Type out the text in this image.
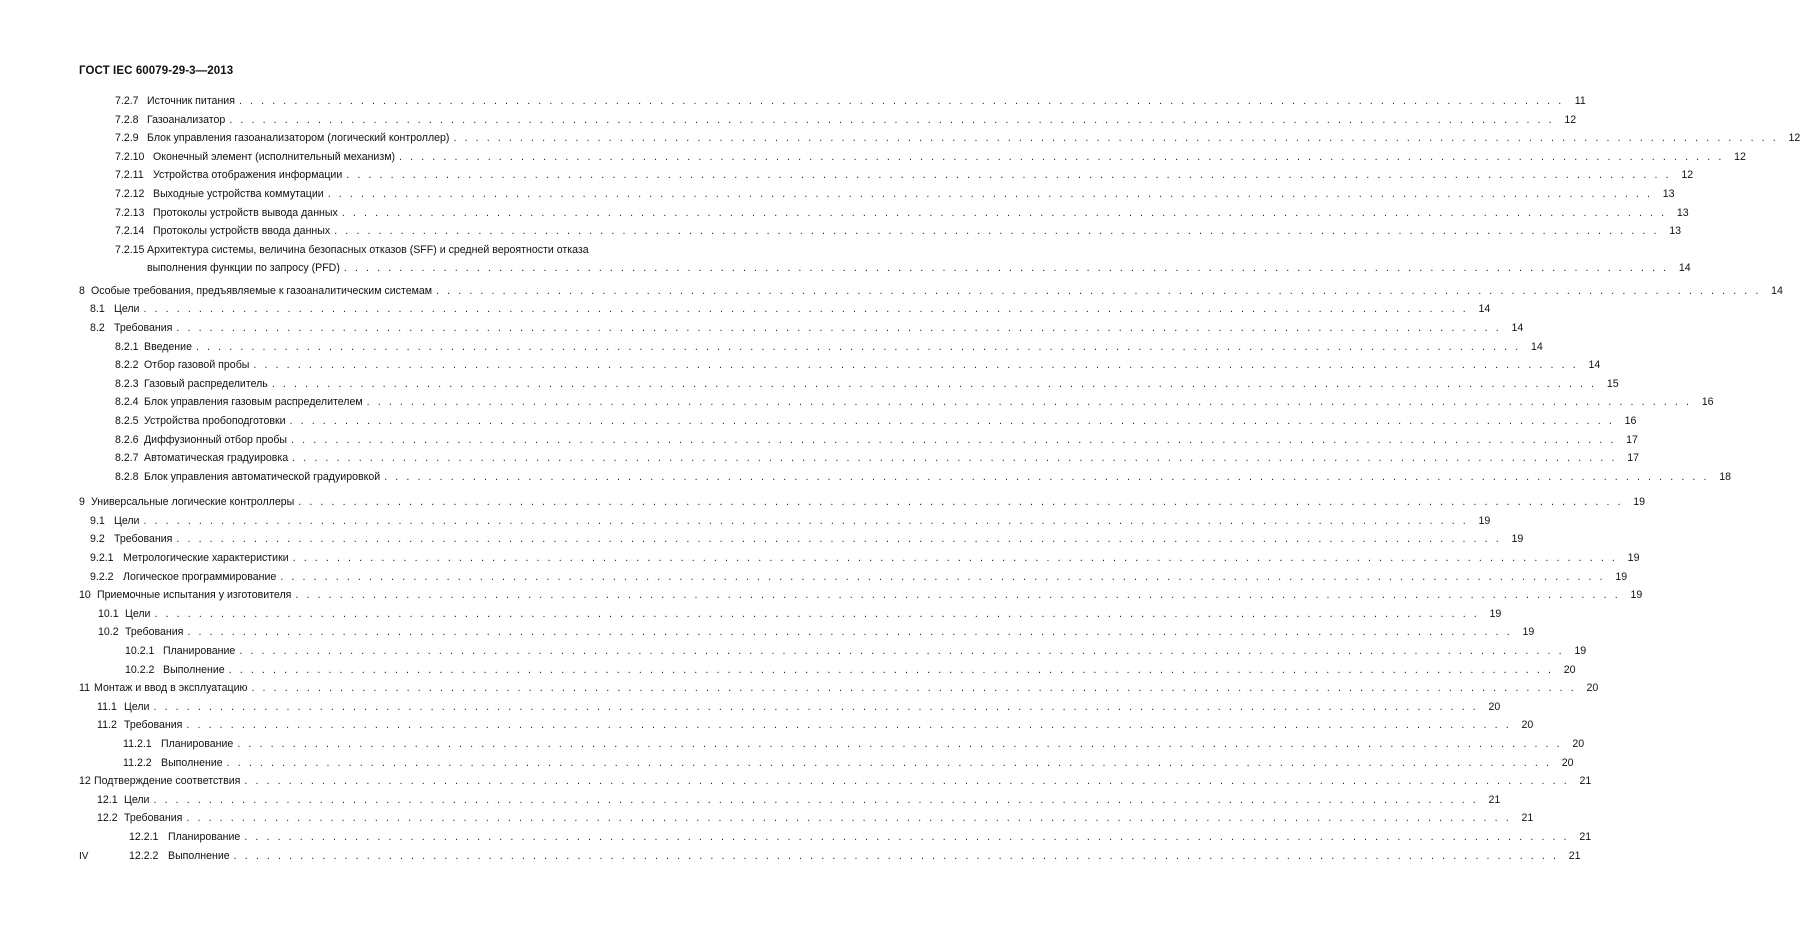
ГОСТ IEC 60079-29-3—2013
7.2.7 Источник питания . . . . . . . . . . . . . . . . . . . . . . . . . . . . . . . . . . . . . . . . . . . . . . . . . . . . . . . . . . . . . . . . . . . . . . . . . . . . . . . . . . . . . . . . . . . . . . . . . . . . . . . . . . . . . . . . . . . . . . . .	11
7.2.8 Газоанализатор . . . . . . . . . . . . . . . . . . . . . . . . . . . . . . . . . . . . . . . . . . . . . . . . . . . . . . . . . . . . . . . . . . . . . . . . . . . . . . . . . . . . . . . . . . . . . . . . . . . . . . . . . . . . . . . . . . . . . . . . 12
7.2.9 Блок управления газоанализатором (логический контроллер) . . . . . . . . . . . . . . . . . . . . . . . . . . . . . . . . . . . . . . . . . . . . . . . . . . . . . . . . . . . . . . . . . . . . . . . . . . . . . . . . . . . . . . . . . . . . . . . . . . . . . . . . . . . . . . . . . . . . . . . . 12
7.2.10 Оконечный элемент (исполнительный механизм) . . . . . . . . . . . . . . . . . . . . . . . . . . . . . . . . . . . . . . . . . . . . . . . . . . . . . . . . . . . . . . . . . . . . . . . . . . . . . . . . . . . . . . . . . . . . . . . . . . . . . . . . . . . . . . . . . . . . . . . . 12
7.2.11 Устройства отображения информации . . . . . . . . . . . . . . . . . . . . . . . . . . . . . . . . . . . . . . . . . . . . . . . . . . . . . . . . . . . . . . . . . . . . . . . . . . . . . . . . . . . . . . . . . . . . . . . . . . . . . . . . . . . . . . . . . . . . . . . . 12
7.2.12 Выходные устройства коммутации . . . . . . . . . . . . . . . . . . . . . . . . . . . . . . . . . . . . . . . . . . . . . . . . . . . . . . . . . . . . . . . . . . . . . . . . . . . . . . . . . . . . . . . . . . . . . . . . . . . . . . . . . . . . . . . . . . . . . . . . 13
7.2.13 Протоколы устройств вывода данных . . . . . . . . . . . . . . . . . . . . . . . . . . . . . . . . . . . . . . . . . . . . . . . . . . . . . . . . . . . . . . . . . . . . . . . . . . . . . . . . . . . . . . . . . . . . . . . . . . . . . . . . . . . . . . . . . . . . . . . . 13
7.2.14 Протоколы устройств ввода данных . . . . . . . . . . . . . . . . . . . . . . . . . . . . . . . . . . . . . . . . . . . . . . . . . . . . . . . . . . . . . . . . . . . . . . . . . . . . . . . . . . . . . . . . . . . . . . . . . . . . . . . . . . . . . . . . . . . . . . . . 13
7.2.15 Архитектура системы, величина безопасных отказов (SFF) и средней вероятности отказа
выполнения функции по запросу (PFD) . . . . . . . . . . . . . . . . . . . . . . . . . . . . . . . . . . . . . . . . . . . . . . . . . . . . . . . . . . . . . . . . . . . . . . . . . . . . . . . . . . . . . . . . . . . . . . . . . . . . . . . . . . . . . . . . . . . . . . . . 14
8 Особые требования, предъявляемые к газоаналитическим системам . . . . . . . . . . . . . . . . . . . . . . . . . . . . . . . . . . . . . . . . . . . . . . . . . . . . . . . . . . . . . . . . . . . . . . . . . . . . . . . . . . . . . . . . . . . . . . . . . . . . . . . . . . . . . . . . . . . . . . . . 14
8.1 Цели . . . . . . . . . . . . . . . . . . . . . . . . . . . . . . . . . . . . . . . . . . . . . . . . . . . . . . . . . . . . . . . . . . . . . . . . . . . . . . . . . . . . . . . . . . . . . . . . . . . . . . . . . . . . . . . . . . . . . . . . 14
8.2 Требования . . . . . . . . . . . . . . . . . . . . . . . . . . . . . . . . . . . . . . . . . . . . . . . . . . . . . . . . . . . . . . . . . . . . . . . . . . . . . . . . . . . . . . . . . . . . . . . . . . . . . . . . . . . . . . . . . . . . . . . . 14
8.2.1 Введение . . . . . . . . . . . . . . . . . . . . . . . . . . . . . . . . . . . . . . . . . . . . . . . . . . . . . . . . . . . . . . . . . . . . . . . . . . . . . . . . . . . . . . . . . . . . . . . . . . . . . . . . . . . . . . . . . . . . . . . . 14
8.2.2 Отбор газовой пробы . . . . . . . . . . . . . . . . . . . . . . . . . . . . . . . . . . . . . . . . . . . . . . . . . . . . . . . . . . . . . . . . . . . . . . . . . . . . . . . . . . . . . . . . . . . . . . . . . . . . . . . . . . . . . . . . . . . . . . . . 14
8.2.3 Газовый распределитель . . . . . . . . . . . . . . . . . . . . . . . . . . . . . . . . . . . . . . . . . . . . . . . . . . . . . . . . . . . . . . . . . . . . . . . . . . . . . . . . . . . . . . . . . . . . . . . . . . . . . . . . . . . . . . . . . . . . . . . . 15
8.2.4 Блок управления газовым распределителем . . . . . . . . . . . . . . . . . . . . . . . . . . . . . . . . . . . . . . . . . . . . . . . . . . . . . . . . . . . . . . . . . . . . . . . . . . . . . . . . . . . . . . . . . . . . . . . . . . . . . . . . . . . . . . . . . . . . . . . . 16
8.2.5 Устройства пробоподготовки . . . . . . . . . . . . . . . . . . . . . . . . . . . . . . . . . . . . . . . . . . . . . . . . . . . . . . . . . . . . . . . . . . . . . . . . . . . . . . . . . . . . . . . . . . . . . . . . . . . . . . . . . . . . . . . . . . . . . . . . 16
8.2.6 Диффузионный отбор пробы . . . . . . . . . . . . . . . . . . . . . . . . . . . . . . . . . . . . . . . . . . . . . . . . . . . . . . . . . . . . . . . . . . . . . . . . . . . . . . . . . . . . . . . . . . . . . . . . . . . . . . . . . . . . . . . . . . . . . . . . 17
8.2.7 Автоматическая градуировка . . . . . . . . . . . . . . . . . . . . . . . . . . . . . . . . . . . . . . . . . . . . . . . . . . . . . . . . . . . . . . . . . . . . . . . . . . . . . . . . . . . . . . . . . . . . . . . . . . . . . . . . . . . . . . . . . . . . . . . . 17
8.2.8 Блок управления автоматической градуировкой . . . . . . . . . . . . . . . . . . . . . . . . . . . . . . . . . . . . . . . . . . . . . . . . . . . . . . . . . . . . . . . . . . . . . . . . . . . . . . . . . . . . . . . . . . . . . . . . . . . . . . . . . . . . . . . . . . . . . . . . 18
9 Универсальные логические контроллеры . . . . . . . . . . . . . . . . . . . . . . . . . . . . . . . . . . . . . . . . . . . . . . . . . . . . . . . . . . . . . . . . . . . . . . . . . . . . . . . . . . . . . . . . . . . . . . . . . . . . . . . . . . . . . . . . . . . . . . . . 19
9.1 Цели . . . . . . . . . . . . . . . . . . . . . . . . . . . . . . . . . . . . . . . . . . . . . . . . . . . . . . . . . . . . . . . . . . . . . . . . . . . . . . . . . . . . . . . . . . . . . . . . . . . . . . . . . . . . . . . . . . . . . . . . 19
9.2 Требования . . . . . . . . . . . . . . . . . . . . . . . . . . . . . . . . . . . . . . . . . . . . . . . . . . . . . . . . . . . . . . . . . . . . . . . . . . . . . . . . . . . . . . . . . . . . . . . . . . . . . . . . . . . . . . . . . . . . . . . . 19
9.2.1 Метрологические характеристики . . . . . . . . . . . . . . . . . . . . . . . . . . . . . . . . . . . . . . . . . . . . . . . . . . . . . . . . . . . . . . . . . . . . . . . . . . . . . . . . . . . . . . . . . . . . . . . . . . . . . . . . . . . . . . . . . . . . . . . . 19
9.2.2 Логическое программирование . . . . . . . . . . . . . . . . . . . . . . . . . . . . . . . . . . . . . . . . . . . . . . . . . . . . . . . . . . . . . . . . . . . . . . . . . . . . . . . . . . . . . . . . . . . . . . . . . . . . . . . . . . . . . . . . . . . . . . . . 19
10 Приемочные испытания у изготовителя . . . . . . . . . . . . . . . . . . . . . . . . . . . . . . . . . . . . . . . . . . . . . . . . . . . . . . . . . . . . . . . . . . . . . . . . . . . . . . . . . . . . . . . . . . . . . . . . . . . . . . . . . . . . . . . . . . . . . . . . 19
10.1 Цели . . . . . . . . . . . . . . . . . . . . . . . . . . . . . . . . . . . . . . . . . . . . . . . . . . . . . . . . . . . . . . . . . . . . . . . . . . . . . . . . . . . . . . . . . . . . . . . . . . . . . . . . . . . . . . . . . . . . . . . . 19
10.2 Требования . . . . . . . . . . . . . . . . . . . . . . . . . . . . . . . . . . . . . . . . . . . . . . . . . . . . . . . . . . . . . . . . . . . . . . . . . . . . . . . . . . . . . . . . . . . . . . . . . . . . . . . . . . . . . . . . . . . . . . . . 19
10.2.1 Планирование . . . . . . . . . . . . . . . . . . . . . . . . . . . . . . . . . . . . . . . . . . . . . . . . . . . . . . . . . . . . . . . . . . . . . . . . . . . . . . . . . . . . . . . . . . . . . . . . . . . . . . . . . . . . . . . . . . . . . . . . 19
10.2.2 Выполнение . . . . . . . . . . . . . . . . . . . . . . . . . . . . . . . . . . . . . . . . . . . . . . . . . . . . . . . . . . . . . . . . . . . . . . . . . . . . . . . . . . . . . . . . . . . . . . . . . . . . . . . . . . . . . . . . . . . . . . . . 20
11 Монтаж и ввод в эксплуатацию . . . . . . . . . . . . . . . . . . . . . . . . . . . . . . . . . . . . . . . . . . . . . . . . . . . . . . . . . . . . . . . . . . . . . . . . . . . . . . . . . . . . . . . . . . . . . . . . . . . . . . . . . . . . . . . . . . . . . . . . 20
11.1 Цели . . . . . . . . . . . . . . . . . . . . . . . . . . . . . . . . . . . . . . . . . . . . . . . . . . . . . . . . . . . . . . . . . . . . . . . . . . . . . . . . . . . . . . . . . . . . . . . . . . . . . . . . . . . . . . . . . . . . . . . . 20
11.2 Требования . . . . . . . . . . . . . . . . . . . . . . . . . . . . . . . . . . . . . . . . . . . . . . . . . . . . . . . . . . . . . . . . . . . . . . . . . . . . . . . . . . . . . . . . . . . . . . . . . . . . . . . . . . . . . . . . . . . . . . . . 20
11.2.1 Планирование . . . . . . . . . . . . . . . . . . . . . . . . . . . . . . . . . . . . . . . . . . . . . . . . . . . . . . . . . . . . . . . . . . . . . . . . . . . . . . . . . . . . . . . . . . . . . . . . . . . . . . . . . . . . . . . . . . . . . . . . 20
11.2.2 Выполнение . . . . . . . . . . . . . . . . . . . . . . . . . . . . . . . . . . . . . . . . . . . . . . . . . . . . . . . . . . . . . . . . . . . . . . . . . . . . . . . . . . . . . . . . . . . . . . . . . . . . . . . . . . . . . . . . . . . . . . . . 20
12 Подтверждение соответствия . . . . . . . . . . . . . . . . . . . . . . . . . . . . . . . . . . . . . . . . . . . . . . . . . . . . . . . . . . . . . . . . . . . . . . . . . . . . . . . . . . . . . . . . . . . . . . . . . . . . . . . . . . . . . . . . . . . . . . . . 21
12.1 Цели . . . . . . . . . . . . . . . . . . . . . . . . . . . . . . . . . . . . . . . . . . . . . . . . . . . . . . . . . . . . . . . . . . . . . . . . . . . . . . . . . . . . . . . . . . . . . . . . . . . . . . . . . . . . . . . . . . . . . . . . 21
12.2 Требования . . . . . . . . . . . . . . . . . . . . . . . . . . . . . . . . . . . . . . . . . . . . . . . . . . . . . . . . . . . . . . . . . . . . . . . . . . . . . . . . . . . . . . . . . . . . . . . . . . . . . . . . . . . . . . . . . . . . . . . . 21
12.2.1 Планирование . . . . . . . . . . . . . . . . . . . . . . . . . . . . . . . . . . . . . . . . . . . . . . . . . . . . . . . . . . . . . . . . . . . . . . . . . . . . . . . . . . . . . . . . . . . . . . . . . . . . . . . . . . . . . . . . . . . . . . . . 21
12.2.2 Выполнение . . . . . . . . . . . . . . . . . . . . . . . . . . . . . . . . . . . . . . . . . . . . . . . . . . . . . . . . . . . . . . . . . . . . . . . . . . . . . . . . . . . . . . . . . . . . . . . . . . . . . . . . . . . . . . . . . . . . . . . . 21
IV
